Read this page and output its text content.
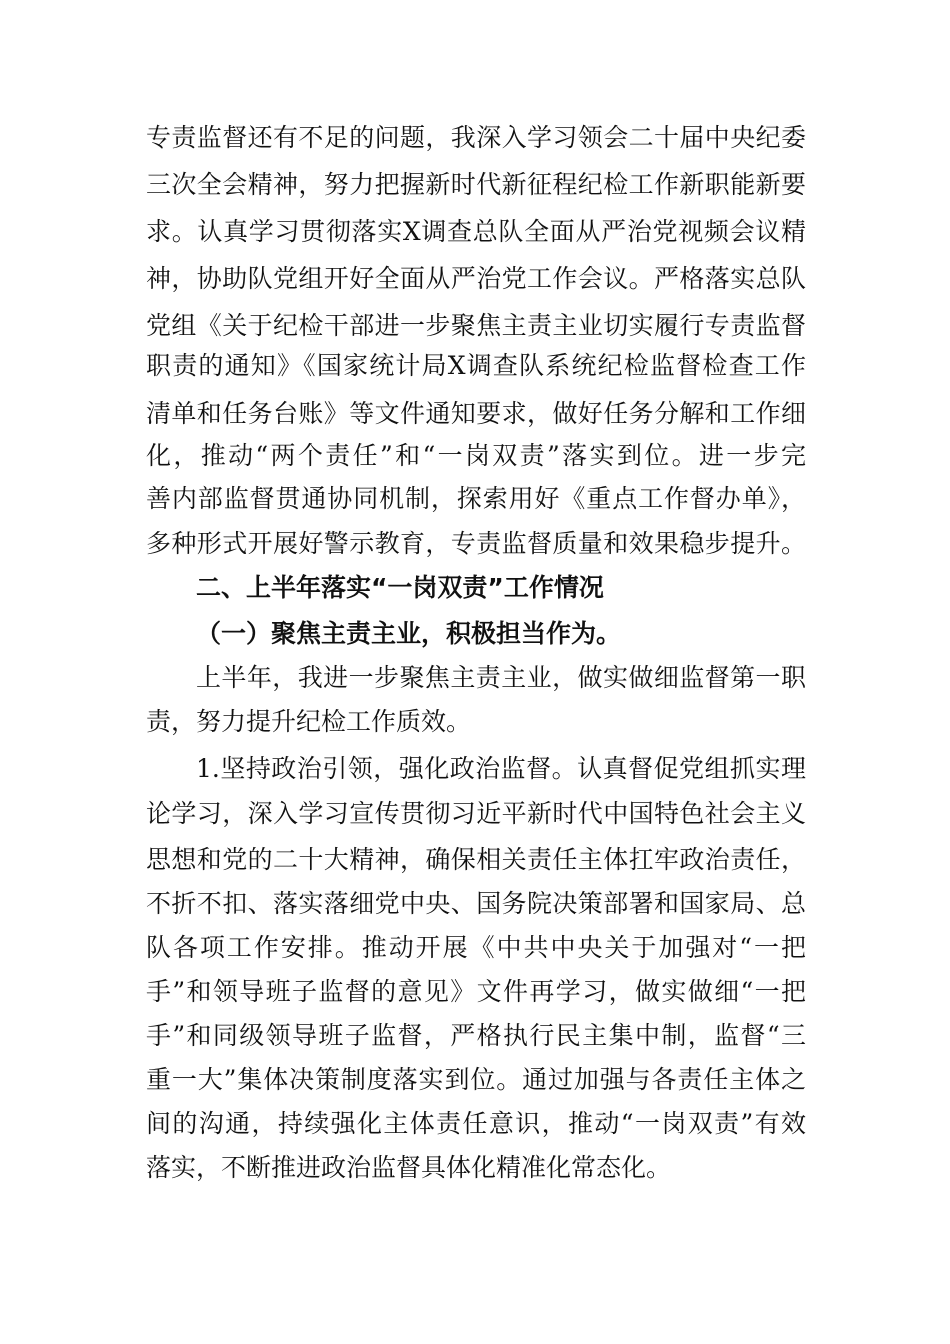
专责监督还有不足的问题，我深入学习领会二十届中央纪委
三次全会精神，努力把握新时代新征程纪检工作新职能新要
求。认真学习贯彻落实X调查总队全面从严治党视频会议精
神，协助队党组开好全面从严治党工作会议。严格落实总队
党组《关于纪检干部进一步聚焦主责主业切实履行专责监督
职责的通知》《国家统计局X调查队系统纪检监督检查工作
清单和任务台账》等文件通知要求，做好任务分解和工作细
化，推动“两个责任”和“一岗双责”落实到位。进一步完
善内部监督贯通协同机制，探索用好《重点工作督办单》，
多种形式开展好警示教育，专责监督质量和效果稳步提升。
二、上半年落实“一岗双责”工作情况
（一）聚焦主责主业，积极担当作为。
上半年，我进一步聚焦主责主业，做实做细监督第一职
责，努力提升纪检工作质效。
1.坚持政治引领，强化政治监督。认真督促党组抓实理
论学习，深入学习宣传贯彻习近平新时代中国特色社会主义
思想和党的二十大精神，确保相关责任主体扛牢政治责任，
不折不扣、落实落细党中央、国务院决策部署和国家局、总
队各项工作安排。推动开展《中共中央关于加强对“一把
手”和领导班子监督的意见》文件再学习，做实做细“一把
手”和同级领导班子监督，严格执行民主集中制，监督“三
重一大”集体决策制度落实到位。通过加强与各责任主体之
间的沟通，持续强化主体责任意识，推动“一岗双责”有效
落实，不断推进政治监督具体化精准化常态化。
